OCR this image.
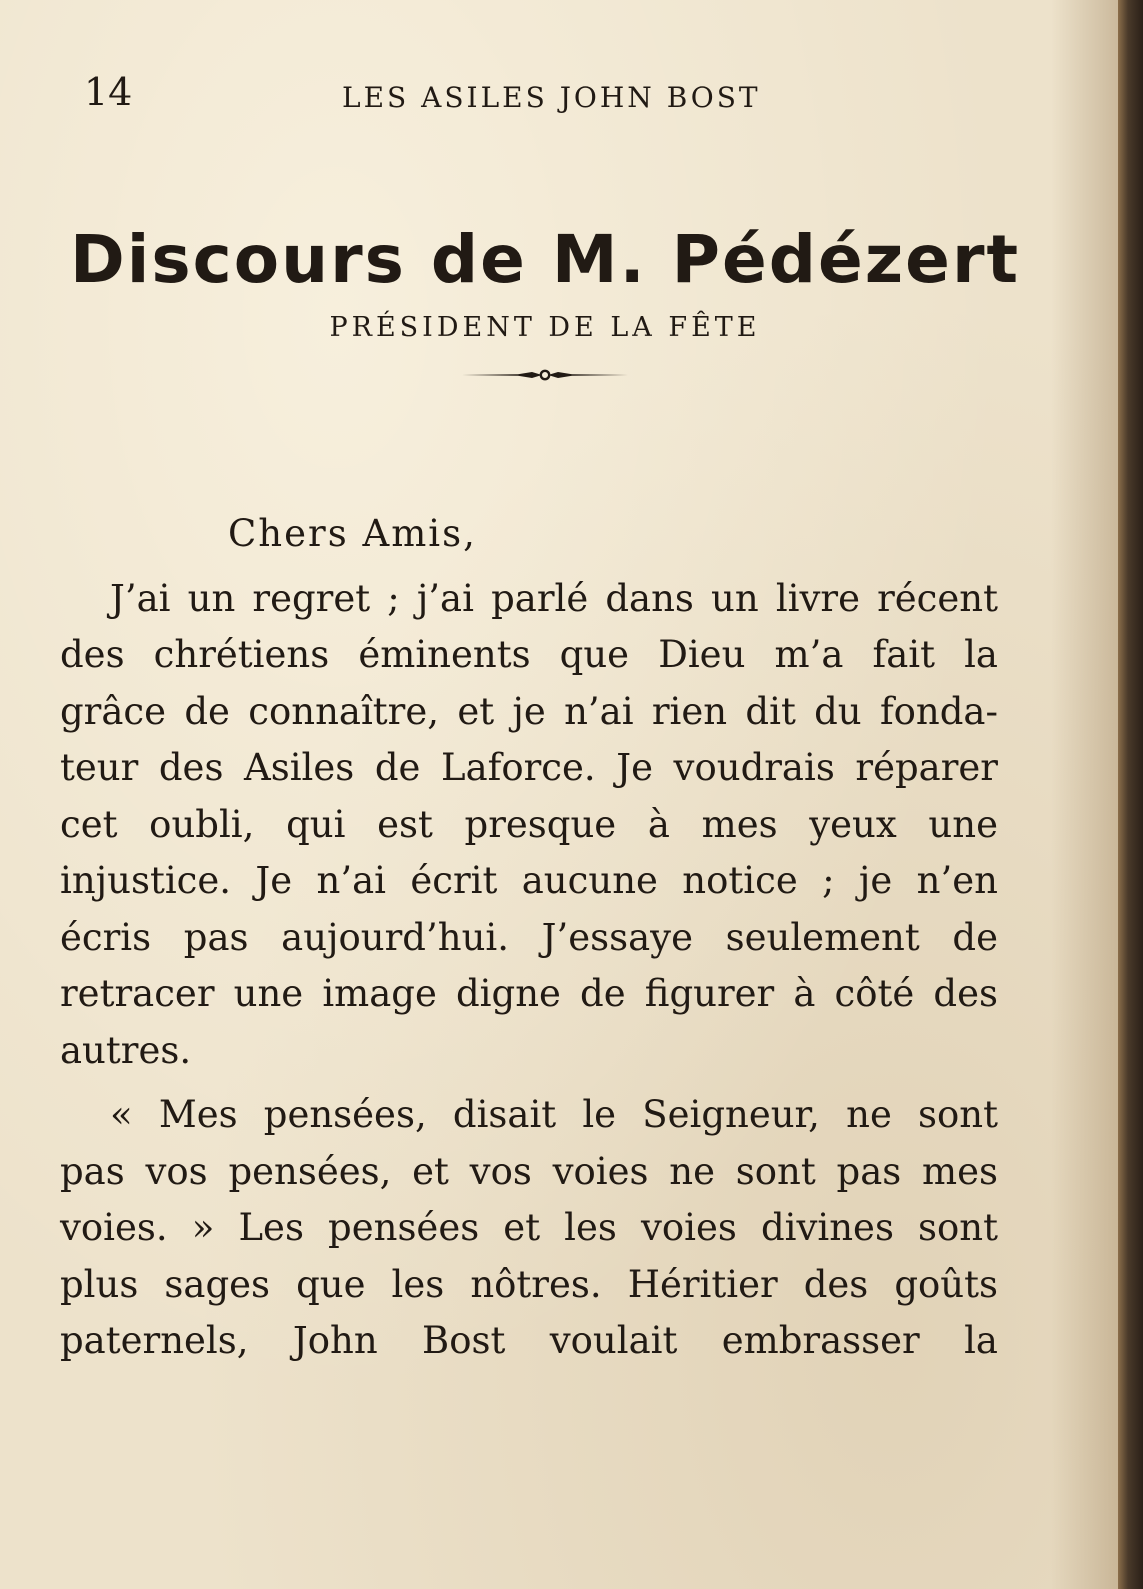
14	LES ASILES JOHN BOST
Discours de M. Pédézert
PRÉSIDENT DE LA FÊTE
Chers Amis,
J’ai un regret ; j’ai parlé dans un livre récent
des chrétiens éminents que Dieu m’a fait la
grâce de connaître, et je n’ai rien dit du fonda-
teur des Asiles de Laforce. Je voudrais réparer
cet oubli, qui est presque à mes yeux une
injustice. Je n’ai écrit aucune notice ; je n’en
écris pas aujourd’hui. J’essaye seulement de
retracer une image digne de figurer à côté des
autres.
« Mes pensées, disait le Seigneur, ne sont
pas vos pensées, et vos voies ne sont pas mes
voies. » Les pensées et les voies divines sont
plus sages que les nôtres. Héritier des goûts
paternels, John Bost voulait embrasser la
